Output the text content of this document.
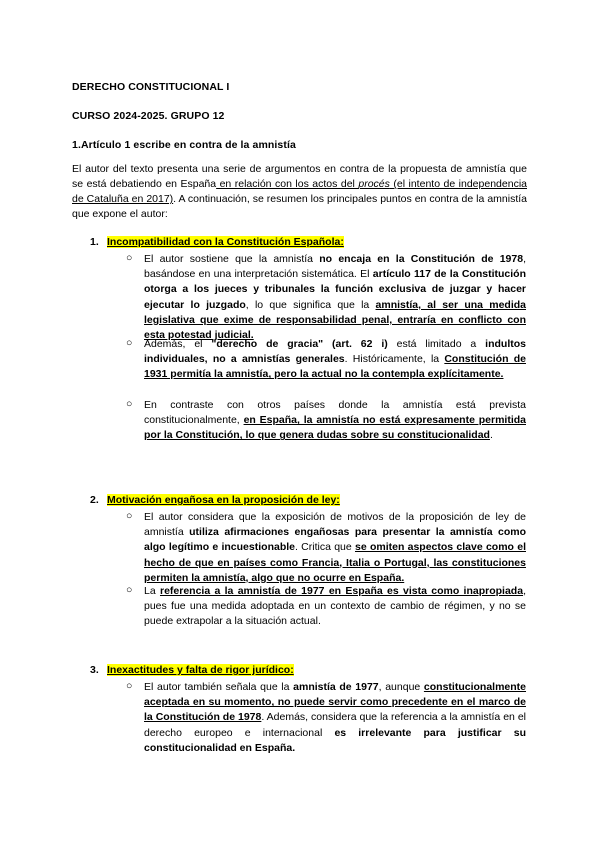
DERECHO CONSTITUCIONAL I
CURSO 2024-2025. GRUPO 12
1.Artículo 1 escribe en contra de la amnistía
El autor del texto presenta una serie de argumentos en contra de la propuesta de amnistía que se está debatiendo en España en relación con los actos del procés (el intento de independencia de Cataluña en 2017). A continuación, se resumen los principales puntos en contra de la amnistía que expone el autor:
1. Incompatibilidad con la Constitución Española:
○ El autor sostiene que la amnistía no encaja en la Constitución de 1978, basándose en una interpretación sistemática. El artículo 117 de la Constitución otorga a los jueces y tribunales la función exclusiva de juzgar y hacer ejecutar lo juzgado, lo que significa que la amnistía, al ser una medida legislativa que exime de responsabilidad penal, entraría en conflicto con esta potestad judicial.
○ Además, el "derecho de gracia" (art. 62 i) está limitado a indultos individuales, no a amnistías generales. Históricamente, la Constitución de 1931 permitía la amnistía, pero la actual no la contempla explícitamente.
○ En contraste con otros países donde la amnistía está prevista constitucionalmente, en España, la amnistía no está expresamente permitida por la Constitución, lo que genera dudas sobre su constitucionalidad.
2. Motivación engañosa en la proposición de ley:
○ El autor considera que la exposición de motivos de la proposición de ley de amnistía utiliza afirmaciones engañosas para presentar la amnistía como algo legítimo e incuestionable. Critica que se omiten aspectos clave como el hecho de que en países como Francia, Italia o Portugal, las constituciones permiten la amnistía, algo que no ocurre en España.
○ La referencia a la amnistía de 1977 en España es vista como inapropiada, pues fue una medida adoptada en un contexto de cambio de régimen, y no se puede extrapolar a la situación actual.
3. Inexactitudes y falta de rigor jurídico:
○ El autor también señala que la amnistía de 1977, aunque constitucionalmente aceptada en su momento, no puede servir como precedente en el marco de la Constitución de 1978. Además, considera que la referencia a la amnistía en el derecho europeo e internacional es irrelevante para justificar su constitucionalidad en España.
